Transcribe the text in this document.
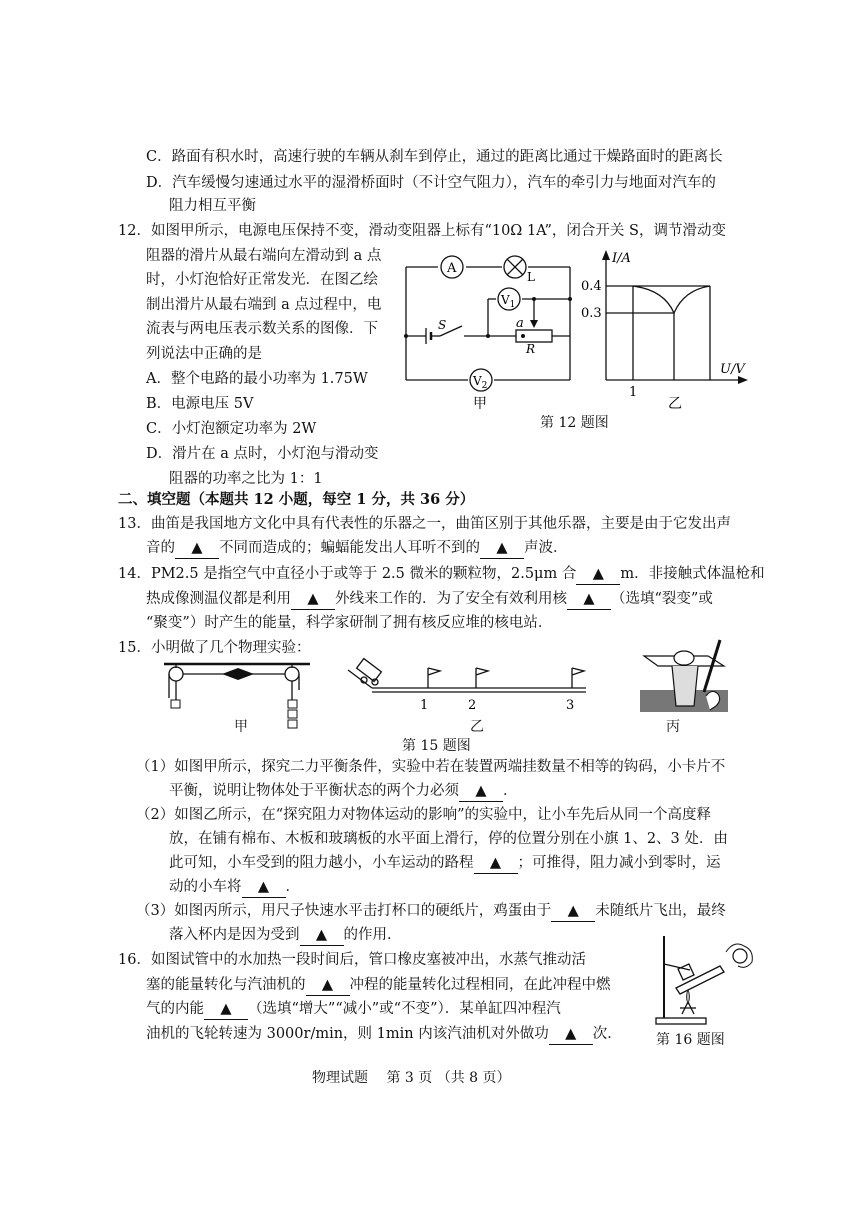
C．路面有积水时，高速行驶的车辆从刹车到停止，通过的距离比通过干燥路面时的距离长
D．汽车缓慢匀速通过水平的湿滑桥面时（不计空气阻力），汽车的牵引力与地面对汽车的
阻力相互平衡
12．如图甲所示，电源电压保持不变，滑动变阻器上标有“10Ω 1A”，闭合开关 S，调节滑动变
阻器的滑片从最右端向左滑动到 a 点
时，小灯泡恰好正常发光．在图乙绘
制出滑片从最右端到 a 点过程中，电
流表与两电压表示数关系的图像．下
列说法中正确的是
A．整个电路的最小功率为 1.75W
B．电源电压 5V
C．小灯泡额定功率为 2W
D．滑片在 a 点时，小灯泡与滑动变
阻器的功率之比为 1：1
A
L
$V_1$
S	a
R
$V_2$
甲
I/A
U/V
0.4
0.3
1
乙
第 12 题图
二、填空题（本题共 12 小题，每空 1 分，共 36 分）
13．曲笛是我国地方文化中具有代表性的乐器之一，曲笛区别于其他乐器，主要是由于它发出声
音的 ▲ 不同而造成的；蝙蝠能发出人耳听不到的 ▲ 声波．
14．PM2.5 是指空气中直径小于或等于 2.5 微米的颗粒物，2.5μm 合 ▲ m．非接触式体温枪和
热成像测温仪都是利用 ▲ 外线来工作的．为了安全有效利用核 ▲ （选填“裂变”或
“聚变”）时产生的能量，科学家研制了拥有核反应堆的核电站．
15．小明做了几个物理实验：
甲
1	2	3
乙
第 15 题图
丙
（1）如图甲所示，探究二力平衡条件，实验中若在装置两端挂数量不相等的钩码，小卡片不
平衡，说明让物体处于平衡状态的两个力必须 ▲ ．
（2）如图乙所示，在“探究阻力对物体运动的影响”的实验中，让小车先后从同一个高度释
放，在铺有棉布、木板和玻璃板的水平面上滑行，停的位置分别在小旗 1、2、3 处．由
此可知，小车受到的阻力越小，小车运动的路程 ▲ ；可推得，阻力减小到零时，运
动的小车将 ▲ ．
（3）如图丙所示，用尺子快速水平击打杯口的硬纸片，鸡蛋由于 ▲ 未随纸片飞出，最终
落入杯内是因为受到 ▲ 的作用．
16．如图试管中的水加热一段时间后，管口橡皮塞被冲出，水蒸气推动活
塞的能量转化与汽油机的 ▲ 冲程的能量转化过程相同，在此冲程中燃
气的内能 ▲ （选填“增大”“减小”或“不变”）．某单缸四冲程汽
油机的飞轮转速为 3000r/min，则 1min 内该汽油机对外做功 ▲ 次． 第 16 题图
物理试题　 第 3 页 （共 8 页）
